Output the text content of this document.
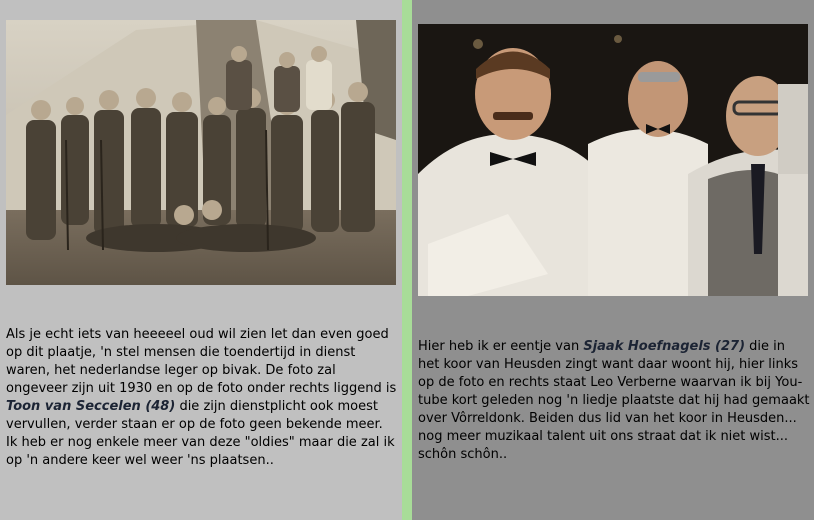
Als je echt iets van heeeeel oud wil zien let dan even goed op dit plaatje, 'n stel mensen die toendertijd in dienst waren, het nederlandse leger op bivak. De foto zal ongeveer zijn uit 1930 en op de foto onder rechts liggend is Toon van Seccelen (48) die zijn dienstplicht ook moest vervullen, verder staan er op de foto geen bekende meer. Ik heb er nog enkele meer van deze "oldies" maar die zal ik op 'n andere keer wel weer 'ns plaatsen..
Hier heb ik er eentje van Sjaak Hoefnagels (27) die in het koor van Heusden zingt want daar woont hij, hier links op de foto en rechts staat Leo Verberne waarvan ik bij You-tube kort geleden nog 'n liedje plaatste dat hij had gemaakt over Vôrreldonk. Beiden dus lid van het koor in Heusden... nog meer muzikaal talent uit ons straat dat ik niet wist... schôn schôn..
